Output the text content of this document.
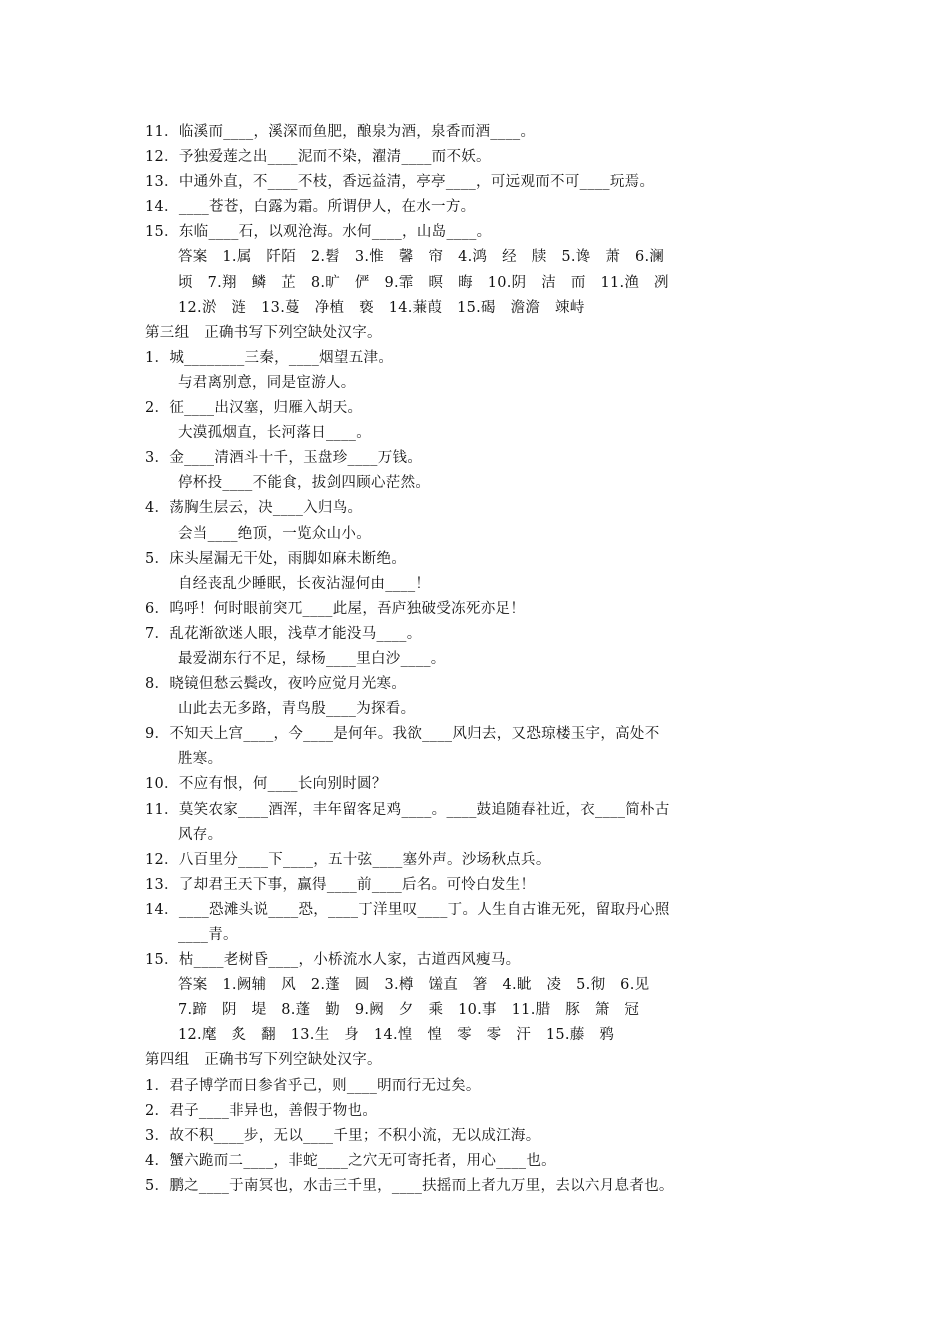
11．临溪而____，溪深而鱼肥，酿泉为酒，泉香而酒____。
12．予独爱莲之出____泥而不染，濯清____而不妖。
13．中通外直，不____不枝，香远益清，亭亭____，可远观而不可____玩焉。
14．____苍苍，白露为霜。所谓伊人，在水一方。
15．东临____石，以观沧海。水何____，山岛____。
答案　1.属　阡陌　2.髫　3.惟　馨　帘　4.鸿　经　牍　5.谗　萧　6.澜
顷　7.翔　鳞　芷　8.旷　俨　9.霏　暝　晦　10.阴　洁　而　11.渔　冽
12.淤　涟　13.蔓　净植　亵　14.蒹葭　15.碣　澹澹　竦峙
第三组　正确书写下列空缺处汉字。
1．城________三秦，____烟望五津。
与君离别意，同是宦游人。
2．征____出汉塞，归雁入胡天。
大漠孤烟直，长河落日____。
3．金____清酒斗十千，玉盘珍____万钱。
停杯投____不能食，拔剑四顾心茫然。
4．荡胸生层云，决____入归鸟。
会当____绝顶，一览众山小。
5．床头屋漏无干处，雨脚如麻未断绝。
自经丧乱少睡眠，长夜沾湿何由____！
6．呜呼！何时眼前突兀____此屋，吾庐独破受冻死亦足！
7．乱花渐欲迷人眼，浅草才能没马____。
最爱湖东行不足，绿杨____里白沙____。
8．晓镜但愁云鬓改，夜吟应觉月光寒。
山此去无多路，青鸟殷____为探看。
9．不知天上宫____，今____是何年。我欲____风归去，又恐琼楼玉宇，高处不
胜寒。
10．不应有恨，何____长向别时圆？
11．莫笑农家____酒浑，丰年留客足鸡____。____鼓追随春社近，衣____简朴古
风存。
12．八百里分____下____，五十弦____塞外声。沙场秋点兵。
13．了却君王天下事，赢得____前____后名。可怜白发生！
14．____恐滩头说____恐，____丁洋里叹____丁。人生自古谁无死，留取丹心照
____青。
15．枯____老树昏____，小桥流水人家，古道西风瘦马。
答案　1.阙辅　风　2.蓬　圆　3.樽　馐直　箸　4.眦　凌　5.彻　6.见
7.蹄　阴　堤　8.蓬　勤　9.阙　夕　乘　10.事　11.腊　豚　箫　冠
12.麾　炙　翻　13.生　身　14.惶　惶　零　零　汗　15.藤　鸦
第四组　正确书写下列空缺处汉字。
1．君子博学而日参省乎己，则____明而行无过矣。
2．君子____非异也，善假于物也。
3．故不积____步，无以____千里；不积小流，无以成江海。
4．蟹六跪而二____，非蛇____之穴无可寄托者，用心____也。
5．鹏之____于南冥也，水击三千里，____扶摇而上者九万里，去以六月息者也。
